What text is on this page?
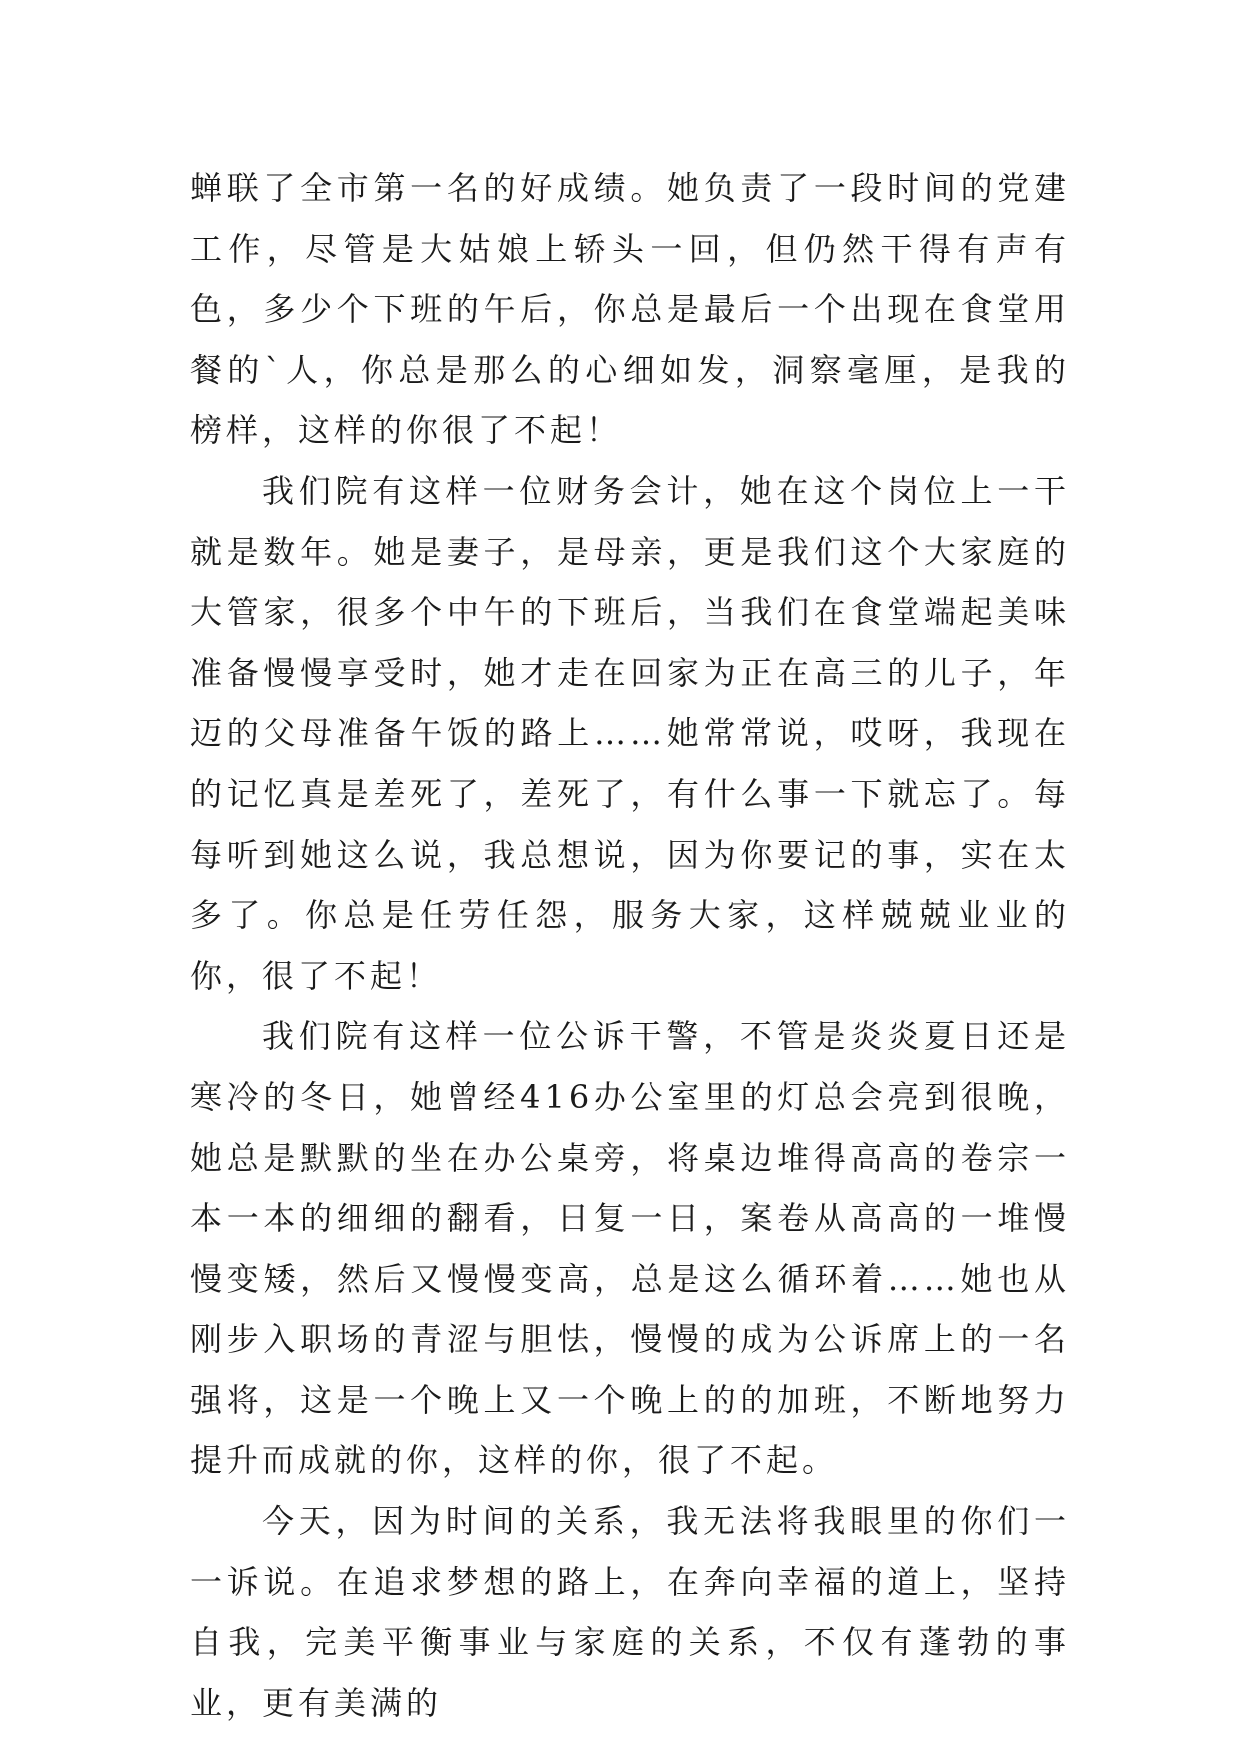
蝉联了全市第一名的好成绩。她负责了一段时间的党建工作，尽管是大姑娘上轿头一回，但仍然干得有声有色，多少个下班的午后，你总是最后一个出现在食堂用餐的`人，你总是那么的心细如发，洞察毫厘，是我的榜样，这样的你很了不起！

我们院有这样一位财务会计，她在这个岗位上一干就是数年。她是妻子，是母亲，更是我们这个大家庭的大管家，很多个中午的下班后，当我们在食堂端起美味准备慢慢享受时，她才走在回家为正在高三的儿子，年迈的父母准备午饭的路上……她常常说，哎呀，我现在的记忆真是差死了，差死了，有什么事一下就忘了。每每听到她这么说，我总想说，因为你要记的事，实在太多了。你总是任劳任怨，服务大家，这样兢兢业业的你，很了不起！

我们院有这样一位公诉干警，不管是炎炎夏日还是寒冷的冬日，她曾经416办公室里的灯总会亮到很晚，她总是默默的坐在办公桌旁，将桌边堆得高高的卷宗一本一本的细细的翻看，日复一日，案卷从高高的一堆慢慢变矮，然后又慢慢变高，总是这么循环着……她也从刚步入职场的青涩与胆怯，慢慢的成为公诉席上的一名强将，这是一个晚上又一个晚上的的加班，不断地努力提升而成就的你，这样的你，很了不起。

今天，因为时间的关系，我无法将我眼里的你们一一诉说。在追求梦想的路上，在奔向幸福的道上，坚持自我，完美平衡事业与家庭的关系，不仅有蓬勃的事业，更有美满的
